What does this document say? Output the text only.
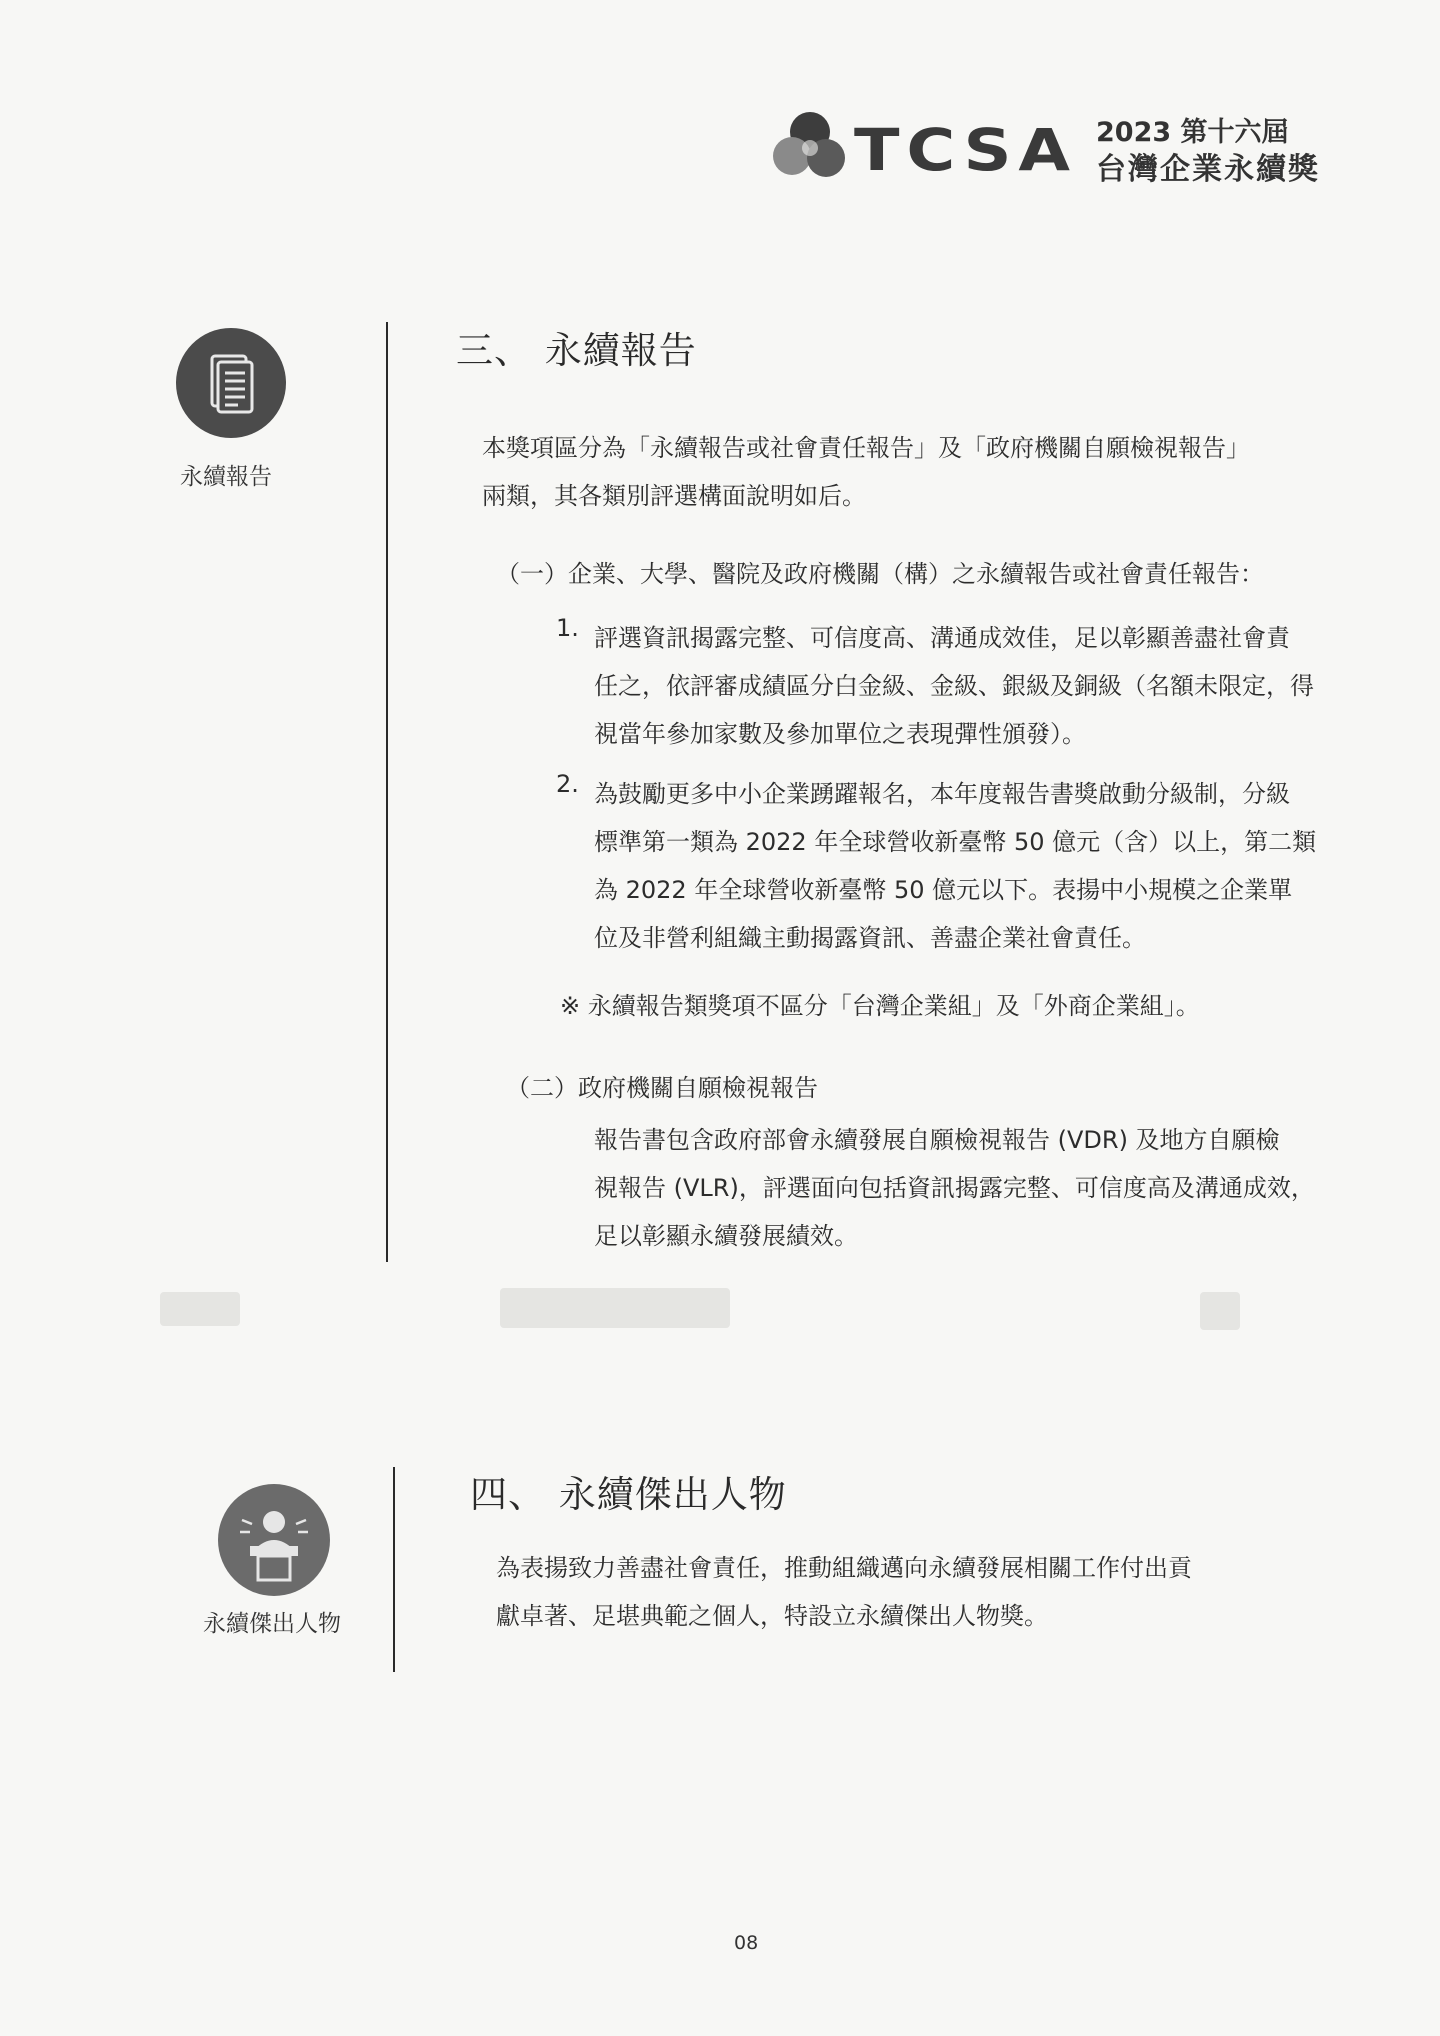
TCSA 2023 第十六屆
台灣企業永續獎
永續報告
三、 永續報告
本獎項區分為「永續報告或社會責任報告」及「政府機關自願檢視報告」
兩類，其各類別評選構面說明如后。
（一）企業、大學、醫院及政府機關（構）之永續報告或社會責任報告：
1. 評選資訊揭露完整、可信度高、溝通成效佳，足以彰顯善盡社會責
任之，依評審成績區分白金級、金級、銀級及銅級（名額未限定，得
視當年參加家數及參加單位之表現彈性頒發）。
2. 為鼓勵更多中小企業踴躍報名，本年度報告書獎啟動分級制，分級
標準第一類為 2022 年全球營收新臺幣 50 億元（含）以上，第二類
為 2022 年全球營收新臺幣 50 億元以下。表揚中小規模之企業單
位及非營利組織主動揭露資訊、善盡企業社會責任。
※ 永續報告類獎項不區分「台灣企業組」及「外商企業組」。
（二）政府機關自願檢視報告
報告書包含政府部會永續發展自願檢視報告 (VDR) 及地方自願檢
視報告 (VLR)，評選面向包括資訊揭露完整、可信度高及溝通成效，
足以彰顯永續發展績效。
永續傑出人物
四、 永續傑出人物
為表揚致力善盡社會責任，推動組織邁向永續發展相關工作付出貢
獻卓著、足堪典範之個人，特設立永續傑出人物獎。
08
